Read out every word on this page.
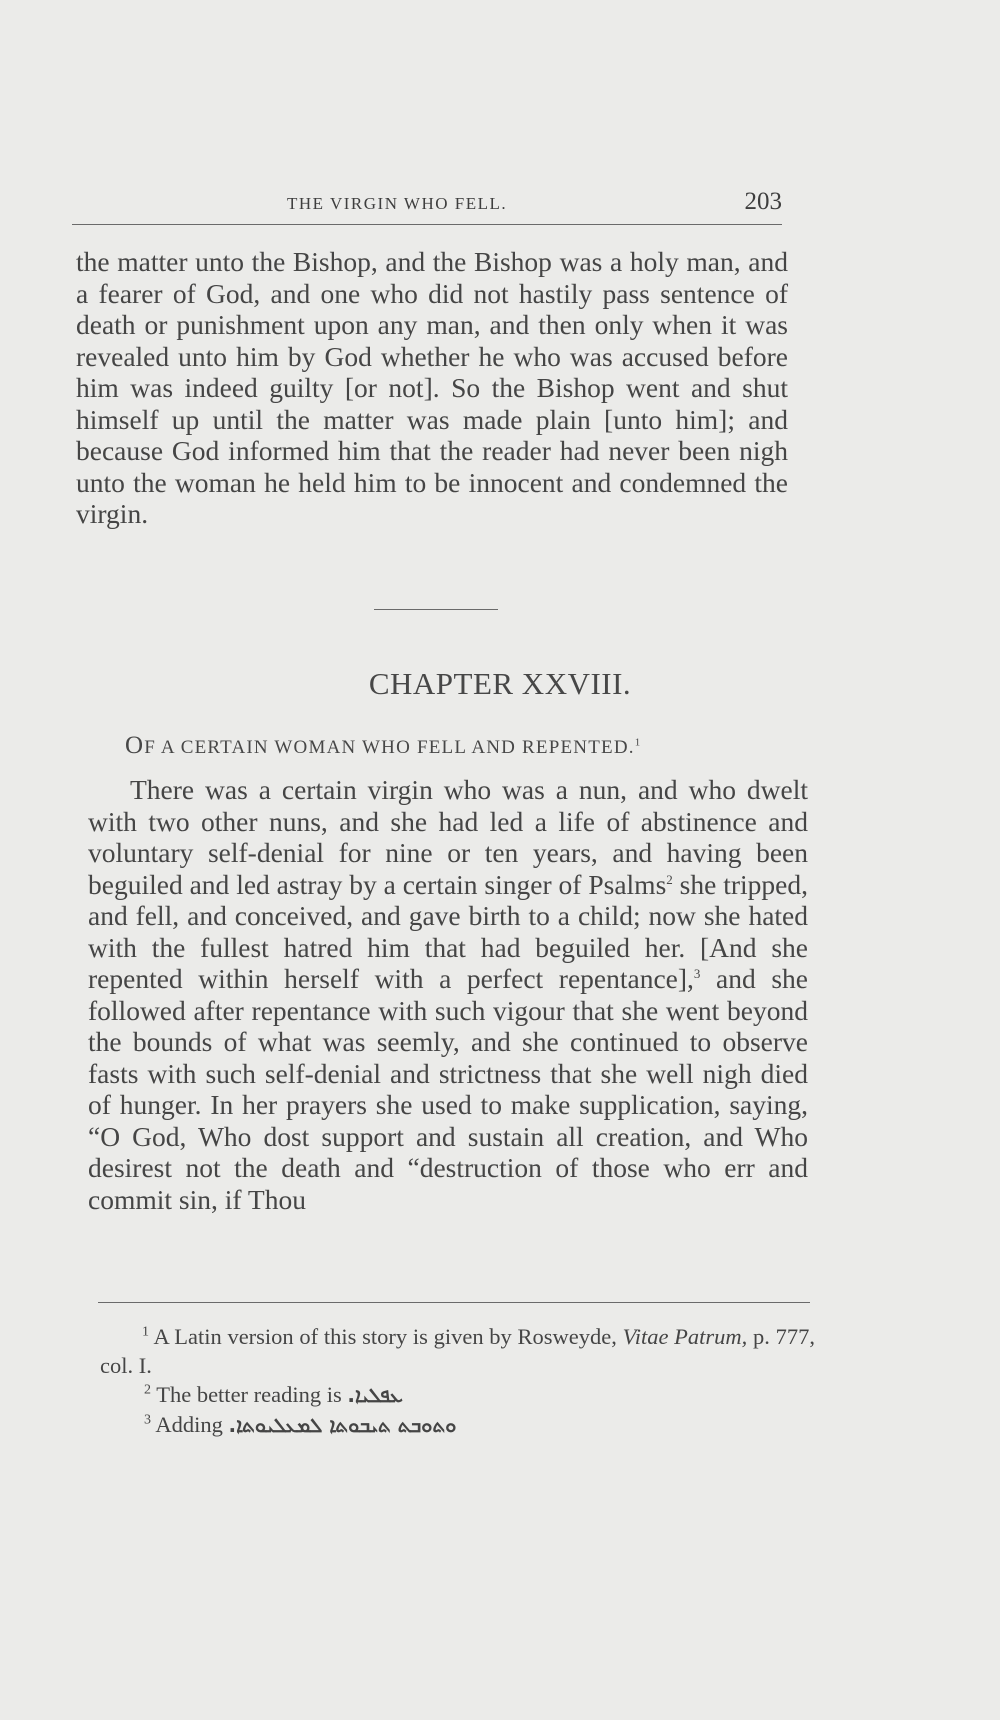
THE VIRGIN WHO FELL.	203
the matter unto the Bishop, and the Bishop was a holy man, and a fearer of God, and one who did not hastily pass sentence of death or punishment upon any man, and then only when it was revealed unto him by God whether he who was accused before him was indeed guilty [or not]. So the Bishop went and shut himself up until the matter was made plain [unto him]; and because God informed him that the reader had never been nigh unto the woman he held him to be innocent and condemned the virgin.
CHAPTER XXVIII.
OF A CERTAIN WOMAN WHO FELL AND REPENTED.$^1$
There was a certain virgin who was a nun, and who dwelt with two other nuns, and she had led a life of abstinence and voluntary self-denial for nine or ten years, and having been beguiled and led astray by a certain singer of Psalms$^2$ she tripped, and fell, and conceived, and gave birth to a child; now she hated with the fullest hatred him that had beguiled her. [And she repented within herself with a perfect repentance],$^3$ and she followed after repentance with such vigour that she went beyond the bounds of what was seemly, and she continued to observe fasts with such self-denial and strictness that she well nigh died of hunger. In her prayers she used to make supplication, saying, “O God, Who dost support and sustain all creation, and Who desirest not the death and “destruction of those who err and commit sin, if Thou
$^1$ A Latin version of this story is given by Rosweyde, Vitae Patrum, p. 777, col. I.
$^2$ The better reading is ܥܦܠܝܐ.
$^3$ Adding ܘܬܘܒܬ ܬܝܒܘܬܐ ܠܡܥܠܝܘܬܐ.
